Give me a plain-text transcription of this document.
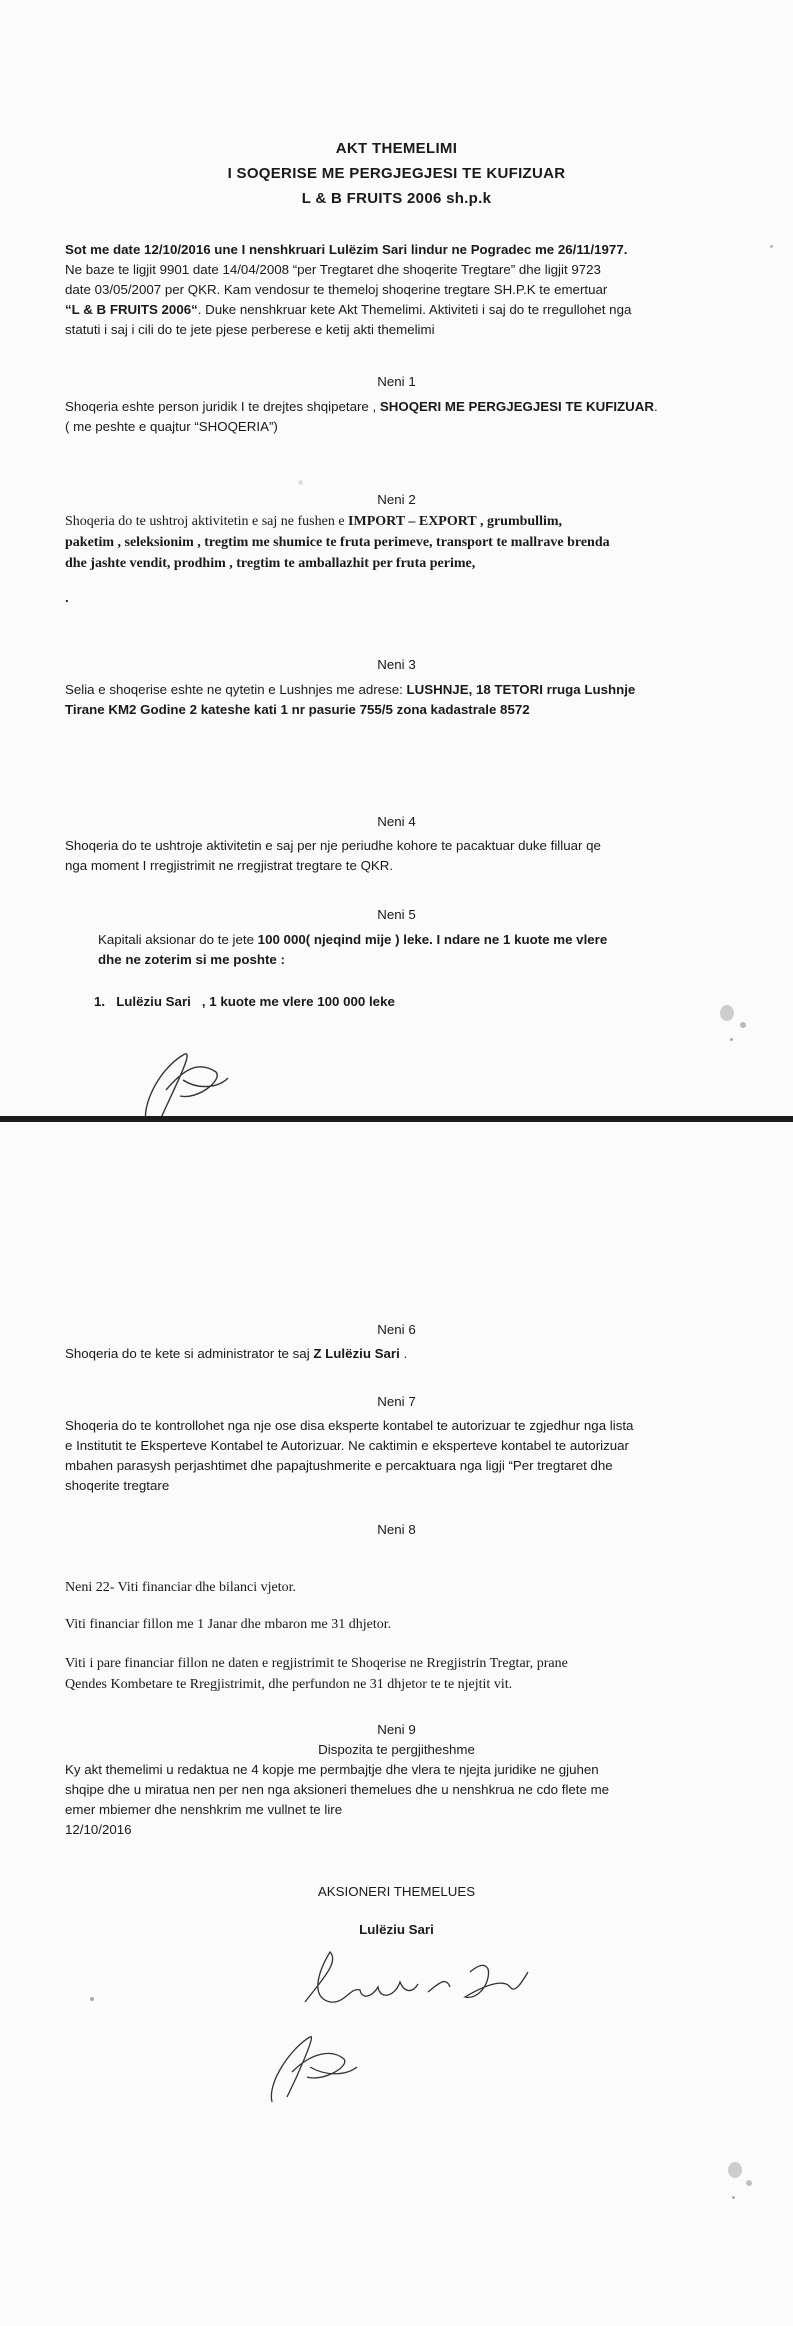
AKT THEMELIMI

I SOQERISE ME PERGJEGJESI TE KUFIZUAR

L & B FRUITS 2006 sh.p.k

Sot me date 12/10/2016 une I nenshkruari Lulëzim Sari lindur ne Pogradec me 26/11/1977.

Ne baze te ligjit 9901 date 14/04/2008 “per Tregtaret dhe shoqerite Tregtare” dhe ligjit 9723

date 03/05/2007 per QKR. Kam vendosur te themeloj shoqerine tregtare SH.P.K te emertuar

“L & B FRUITS 2006“. Duke nenshkruar kete Akt Themelimi. Aktiviteti i saj do te rregullohet nga

statuti i saj i cili do te jete pjese perberese e ketij akti themelimi

Neni 1

Shoqeria eshte person juridik I te drejtes shqipetare , SHOQERI ME PERGJEGJESI TE KUFIZUAR.

( me peshte e quajtur “SHOQERIA”)

Neni 2

Shoqeria do te ushtroj aktivitetin e saj ne fushen e IMPORT – EXPORT , grumbullim,

paketim , seleksionim , tregtim me shumice te fruta perimeve, transport te mallrave brenda

dhe jashte vendit, prodhim , tregtim te amballazhit per fruta perime,

.

Neni 3

Selia e shoqerise eshte ne qytetin e Lushnjes me adrese: LUSHNJE, 18 TETORI rruga Lushnje

Tirane KM2 Godine 2 kateshe kati 1 nr pasurie 755/5 zona kadastrale 8572

Neni 4

Shoqeria do te ushtroje aktivitetin e saj per nje periudhe kohore te pacaktuar duke filluar qe

nga moment I rregjistrimit ne rregjistrat tregtare te QKR.

Neni 5

Kapitali aksionar do te jete 100 000( njeqind mije ) leke. I ndare ne 1 kuote me vlere

dhe ne zoterim si me poshte :

1. Lulëziu Sari , 1 kuote me vlere 100 000 leke

Neni 6

Shoqeria do te kete si administrator te saj Z Lulëziu Sari .

Neni 7

Shoqeria do te kontrollohet nga nje ose disa eksperte kontabel te autorizuar te zgjedhur nga lista

e Institutit te Eksperteve Kontabel te Autorizuar. Ne caktimin e eksperteve kontabel te autorizuar

mbahen parasysh perjashtimet dhe papajtushmerite e percaktuara nga ligji “Per tregtaret dhe

shoqerite tregtare

Neni 8

Neni 22- Viti financiar dhe bilanci vjetor.

Viti financiar fillon me 1 Janar dhe mbaron me 31 dhjetor.

Viti i pare financiar fillon ne daten e regjistrimit te Shoqerise ne Rregjistrin Tregtar, prane

Qendes Kombetare te Rregjistrimit, dhe perfundon ne 31 dhjetor te te njejtit vit.

Neni 9

Dispozita te pergjitheshme

Ky akt themelimi u redaktua ne 4 kopje me permbajtje dhe vlera te njejta juridike ne gjuhen

shqipe dhe u miratua nen per nen nga aksioneri themelues dhe u nenshkrua ne cdo flete me

emer mbiemer dhe nenshkrim me vullnet te lire

12/10/2016

AKSIONERI THEMELUES

Lulëziu Sari
